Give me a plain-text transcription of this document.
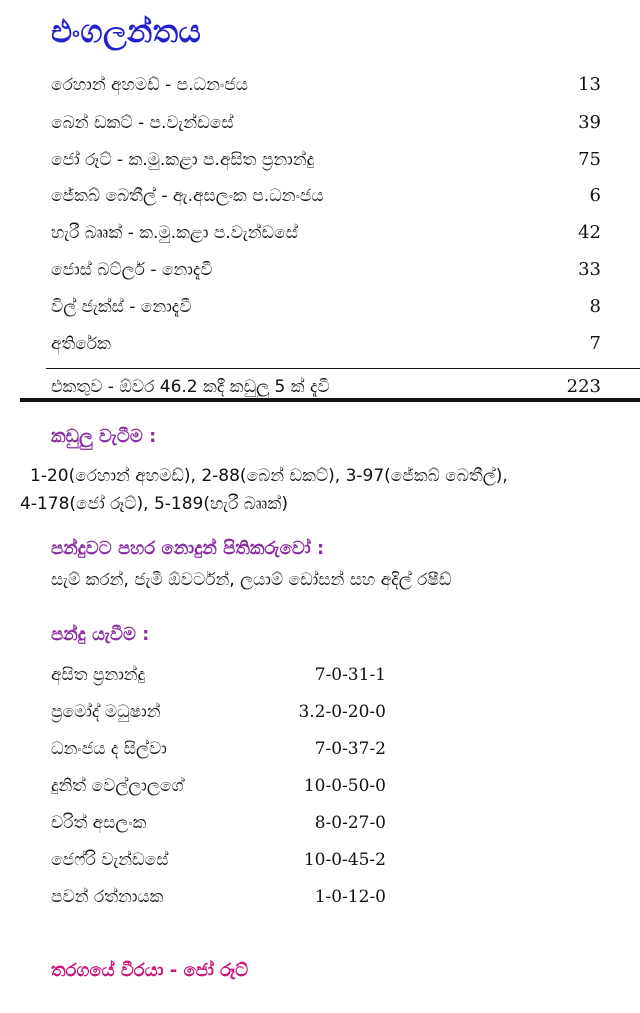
එංගලන්තය
රෙහාන් අහමඩ් - ප.ධනංජය	13
බෙන් ඩකට් - ප.වැන්ඩසේ	39
ජෝ රූට් - ක.මු.කළා ප.අසිත ප්‍රනාන්දු	75
ජේකබ් බෙතීල් - ඇ.අසලංක ප.ධනංජය	6
හැරී බෲක් - ක.මු.කළා ප.වැන්ඩසේ	42
ජොස් බට්ලර් - නොදැවී	33
විල් ජැක්ස් - නොදැවී	8
අතිරේක	7
එකතුව - ඕවර 46.2 කදී කඩුලු 5 ක් දැවී	223
කඩුලු වැටීම :
1-20(රෙහාන් අහමඩ්), 2-88(බෙන් ඩකට්), 3-97(ජේකබ් බෙතීල්),
4-178(ජෝ රූට්), 5-189(හැරී බෲක්)
පන්දුවට පහර නොදුන් පිතිකරුවෝ :
සැම් කරන්, ජැමී ඕවර්ටන්, ලයාම් ඩෝසන් සහ අදිල් රෂීඩ්
පන්දු යැවීම :
අසිත ප්‍රනාන්දු	7-0-31-1
ප්‍රමෝද් මධුෂාන්	3.2-0-20-0
ධනංජය ද සිල්වා	7-0-37-2
දුනිත් වෙල්ලාලගේ	10-0-50-0
චරිත් අසලංක	8-0-27-0
ජෙෆ්රි වැන්ඩසේ	10-0-45-2
පවන් රත්නායක	1-0-12-0
තරගයේ වීරයා - ජෝ රූට්
